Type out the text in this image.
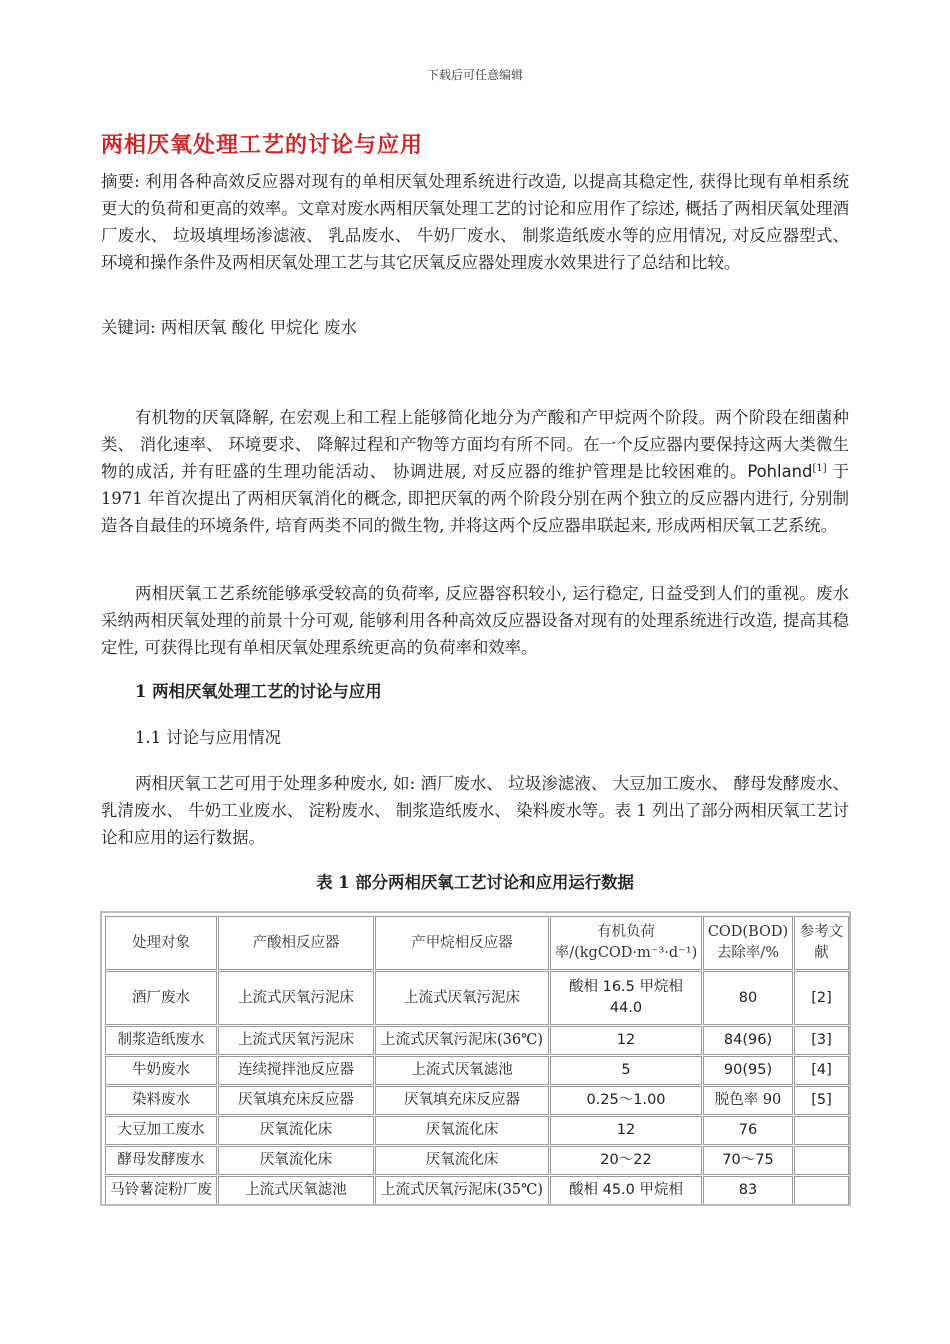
下载后可任意编辑
两相厌氧处理工艺的讨论与应用
摘要: 利用各种高效反应器对现有的单相厌氧处理系统进行改造, 以提高其稳定性, 获得比现有单相系统更大的负荷和更高的效率。文章对废水两相厌氧处理工艺的讨论和应用作了综述, 概括了两相厌氧处理酒厂废水、 垃圾填埋场渗滤液、 乳品废水、 牛奶厂废水、 制浆造纸废水等的应用情况, 对反应器型式、 环境和操作条件及两相厌氧处理工艺与其它厌氧反应器处理废水效果进行了总结和比较。
关键词: 两相厌氧 酸化 甲烷化 废水
有机物的厌氧降解, 在宏观上和工程上能够简化地分为产酸和产甲烷两个阶段。两个阶段在细菌种类、 消化速率、 环境要求、 降解过程和产物等方面均有所不同。在一个反应器内要保持这两大类微生物的成活, 并有旺盛的生理功能活动、 协调进展, 对反应器的维护管理是比较困难的。Pohland[1] 于 1971 年首次提出了两相厌氧消化的概念, 即把厌氧的两个阶段分别在两个独立的反应器内进行, 分别制造各自最佳的环境条件, 培育两类不同的微生物, 并将这两个反应器串联起来, 形成两相厌氧工艺系统。
两相厌氧工艺系统能够承受较高的负荷率, 反应器容积较小, 运行稳定, 日益受到人们的重视。废水采纳两相厌氧处理的前景十分可观, 能够利用各种高效反应器设备对现有的处理系统进行改造, 提高其稳定性, 可获得比现有单相厌氧处理系统更高的负荷率和效率。
1 两相厌氧处理工艺的讨论与应用
1.1 讨论与应用情况
两相厌氧工艺可用于处理多种废水, 如: 酒厂废水、 垃圾渗滤液、 大豆加工废水、 酵母发酵废水、 乳清废水、 牛奶工业废水、 淀粉废水、 制浆造纸废水、 染料废水等。表 1 列出了部分两相厌氧工艺讨论和应用的运行数据。
表 1 部分两相厌氧工艺讨论和应用运行数据
处理对象	产酸相反应器	产甲烷相反应器	有机负荷率/(kgCOD·m⁻³·d⁻¹)	COD(BOD)去除率/%	参考文献
酒厂废水	上流式厌氧污泥床	上流式厌氧污泥床	酸相 16.5 甲烷相 44.0	80	[2]
制浆造纸废水	上流式厌氧污泥床	上流式厌氧污泥床(36℃)	12	84(96)	[3]
牛奶废水	连续搅拌池反应器	上流式厌氧滤池	5	90(95)	[4]
染料废水	厌氧填充床反应器	厌氧填充床反应器	0.25～1.00	脱色率 90	[5]
大豆加工废水	厌氧流化床	厌氧流化床	12	76	
酵母发酵废水	厌氧流化床	厌氧流化床	20～22	70～75	
马铃薯淀粉厂废	上流式厌氧滤池	上流式厌氧污泥床(35℃)	酸相 45.0 甲烷相	83	
